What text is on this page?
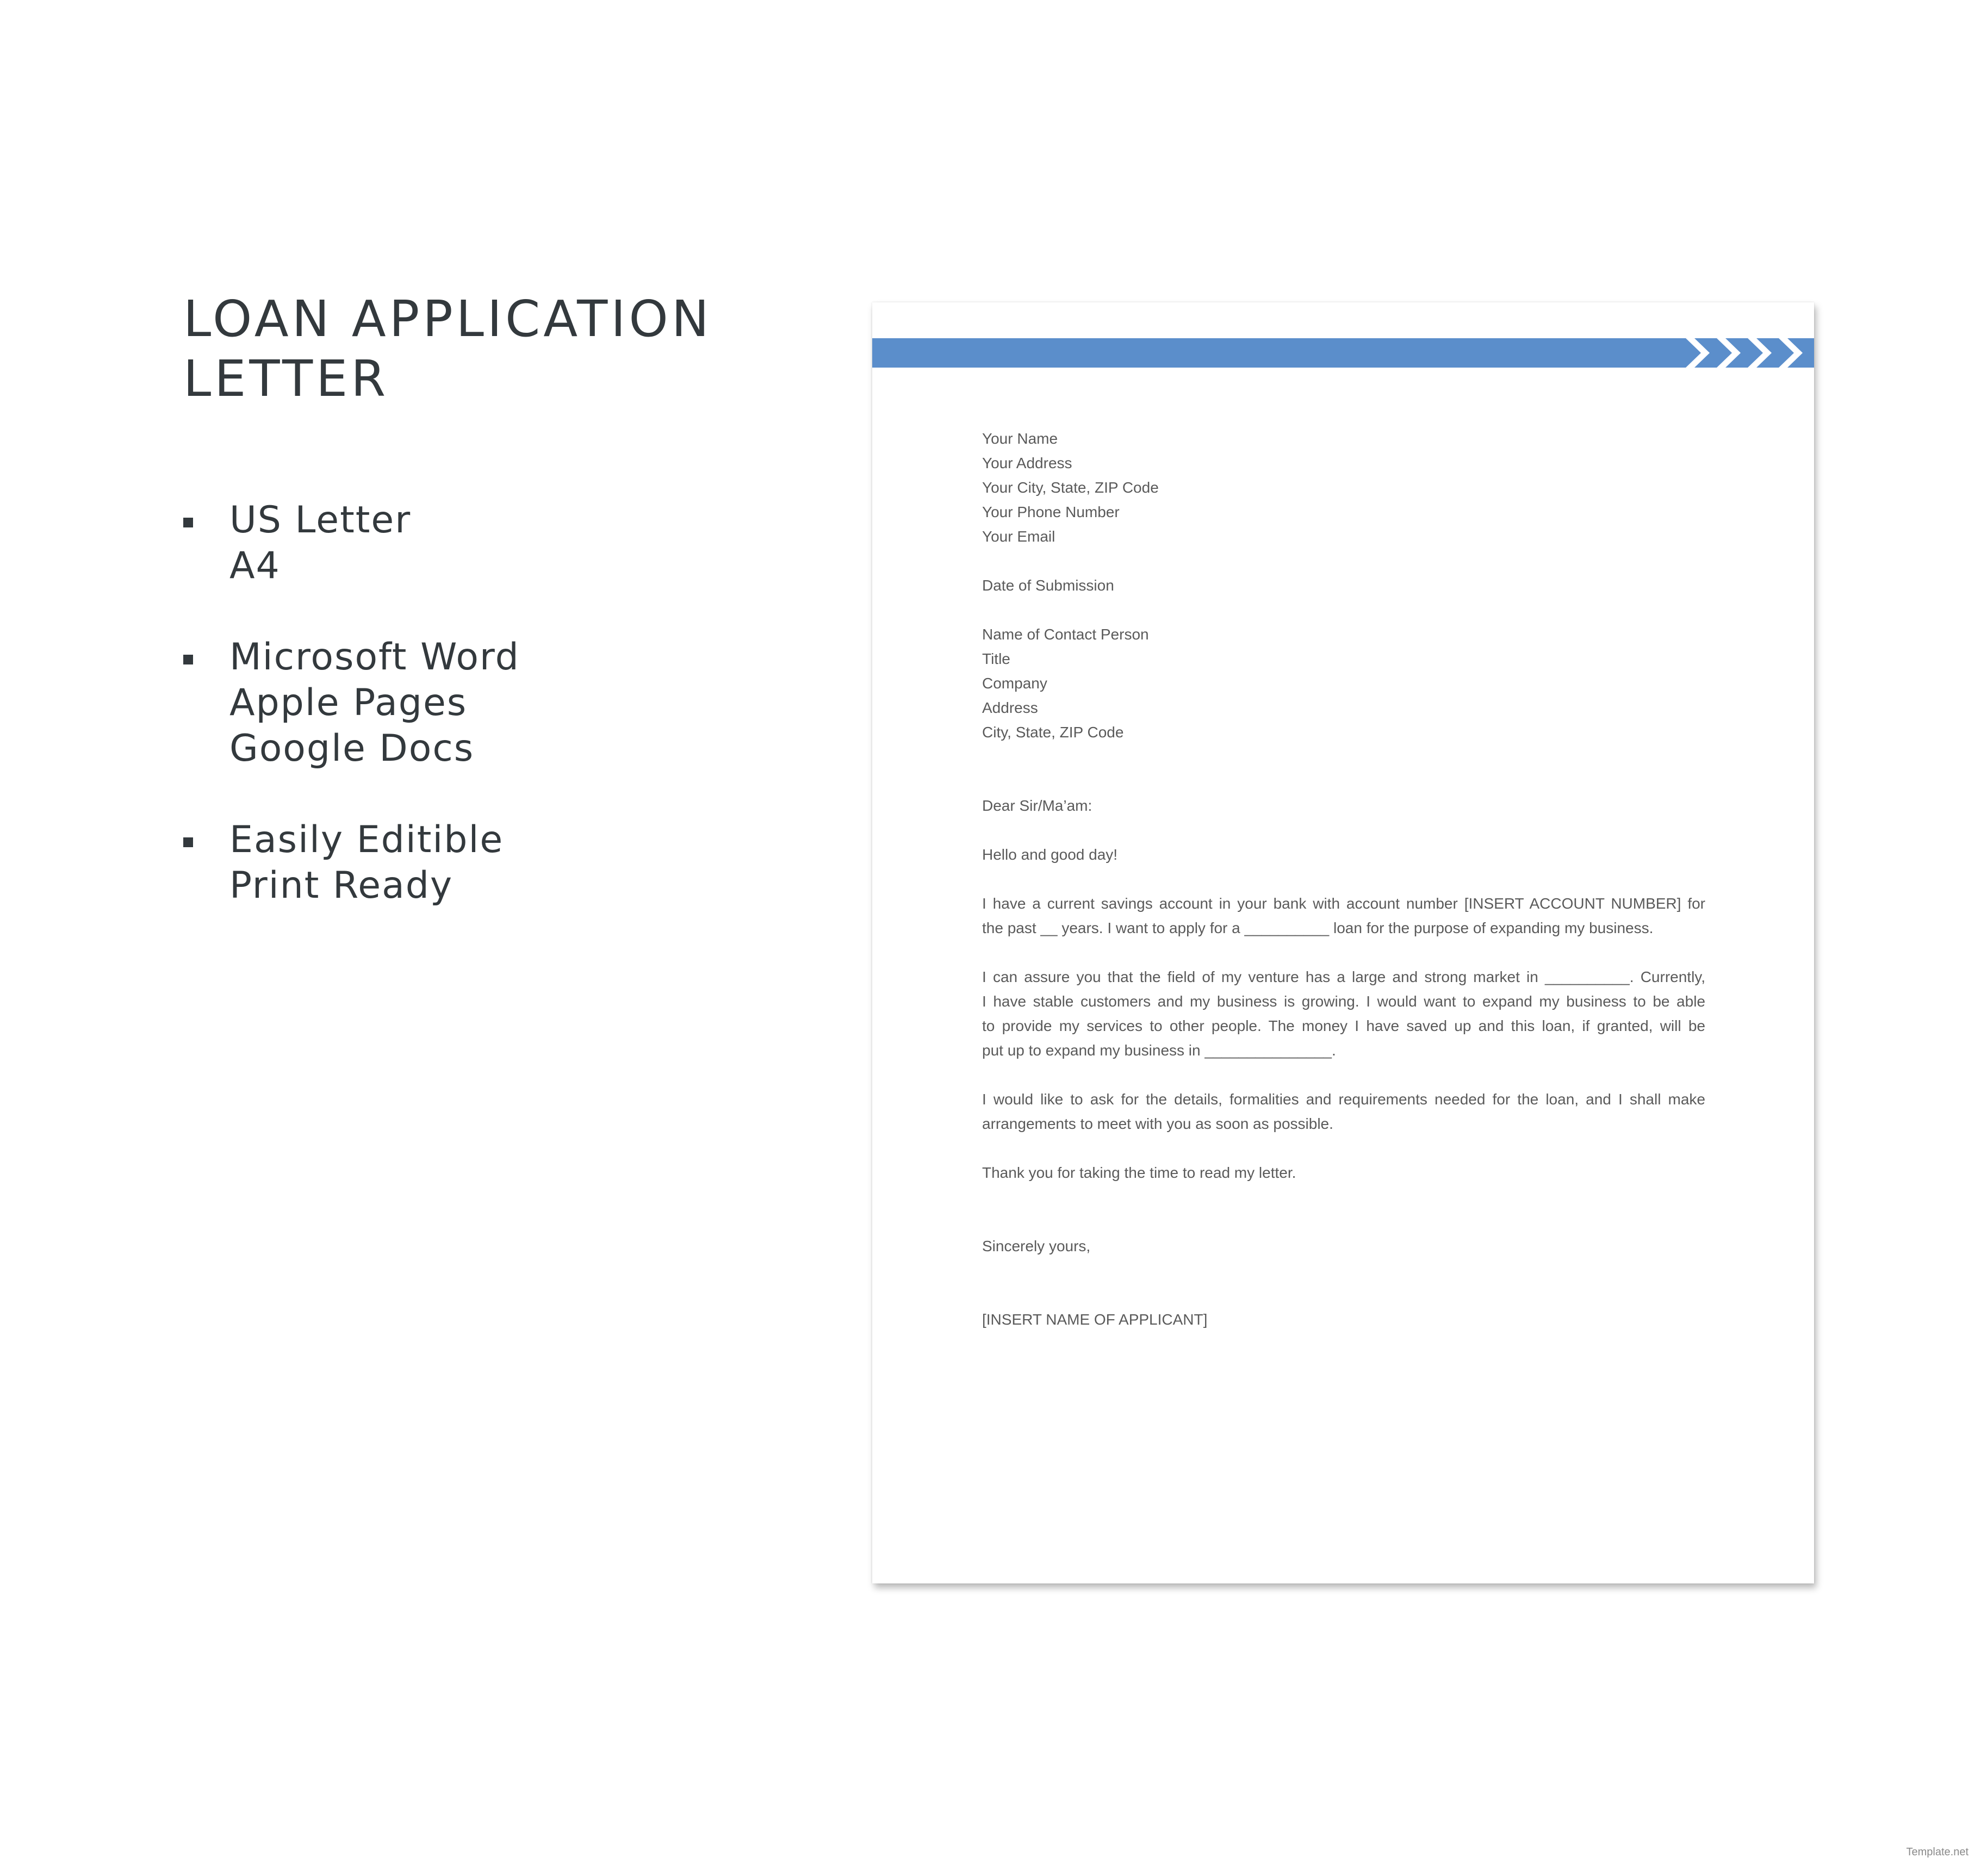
LOAN APPLICATION
LETTER
US Letter
A4
Microsoft Word
Apple Pages
Google Docs
Easily Editible
Print Ready
Your Name
Your Address
Your City, State, ZIP Code
Your Phone Number
Your Email
Date of Submission
Name of Contact Person
Title
Company
Address
City, State, ZIP Code
Dear Sir/Ma’am:
Hello and good day!
I have a current savings account in your bank with account number [INSERT ACCOUNT NUMBER] for
the past __ years. I want to apply for a __________ loan for the purpose of expanding my business.
I can assure you that the field of my venture has a large and strong market in __________. Currently,
I have stable customers and my business is growing. I would want to expand my business to be able
to provide my services to other people. The money I have saved up and this loan, if granted, will be
put up to expand my business in _______________.
I would like to ask for the details, formalities and requirements needed for the loan, and I shall make
arrangements to meet with you as soon as possible.
Thank you for taking the time to read my letter.
Sincerely yours,
[INSERT NAME OF APPLICANT]
Template.net
